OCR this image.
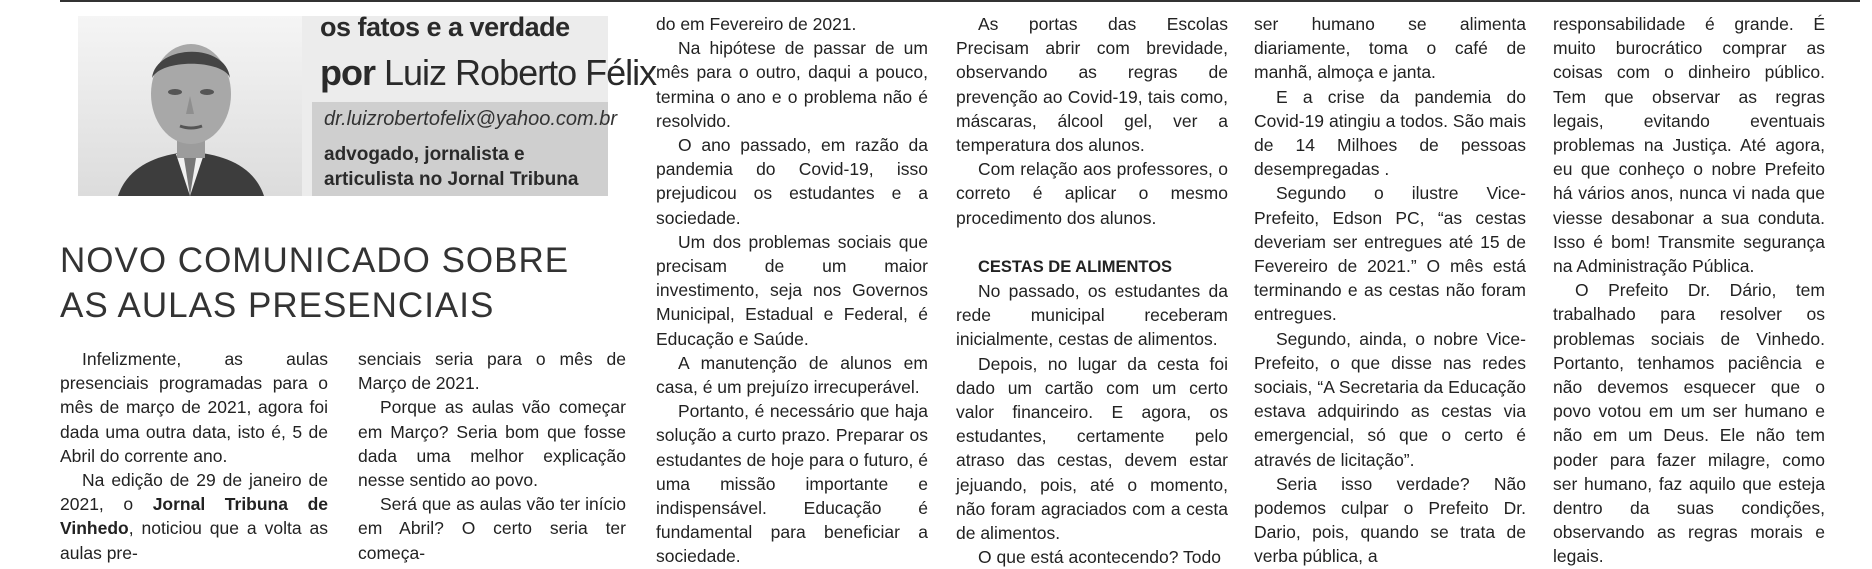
os fatos e a verdade
por Luiz Roberto Félix
dr.luizrobertofelix@yahoo.com.br
advogado, jornalista e
articulista no Jornal Tribuna
NOVO COMUNICADO SOBRE AS AULAS PRESENCIAIS

Infelizmente, as aulas presenciais programadas para o mês de março de 2021, agora foi dada uma outra data, isto é, 5 de Abril do corrente ano.

Na edição de 29 de janeiro de 2021, o Jornal Tribuna de Vinhedo, noticiou que a volta as aulas pre-

senciais seria para o mês de Março de 2021.

Porque as aulas vão começar em Março? Seria bom que fosse dada uma melhor explicação nesse sentido ao povo.

Será que as aulas vão ter início em Abril? O certo seria ter começa-

do em Fevereiro de 2021.

Na hipótese de passar de um mês para o outro, daqui a pouco, termina o ano e o problema não é resolvido.

O ano passado, em razão da pandemia do Covid-19, isso prejudicou os estudantes e a sociedade.

Um dos problemas sociais que precisam de um maior investimento, seja nos Governos Municipal, Estadual e Federal, é Educação e Saúde.

A manutenção de alunos em casa, é um prejuízo irrecuperável.

Portanto, é necessário que haja solução a curto prazo. Preparar os estudantes de hoje para o futuro, é uma missão importante e indispensável. Educação é fundamental para beneficiar a sociedade.

As portas das Escolas Precisam abrir com brevidade, observando as regras de prevenção ao Covid-19, tais como, máscaras, álcool gel, ver a temperatura dos alunos.

Com relação aos professores, o correto é aplicar o mesmo procedimento dos alunos.

CESTAS DE ALIMENTOS

No passado, os estudantes da rede municipal receberam inicialmente, cestas de alimentos.

Depois, no lugar da cesta foi dado um cartão com um certo valor financeiro. E agora, os estudantes, certamente pelo atraso das cestas, devem estar jejuando, pois, até o momento, não foram agraciados com a cesta de alimentos.

O que está acontecendo? Todo

ser humano se alimenta diariamente, toma o café de manhã, almoça e janta.

E a crise da pandemia do Covid-19 atingiu a todos. São mais de 14 Milhoes de pessoas desempregadas .

Segundo o ilustre Vice- Prefeito, Edson PC, “as cestas deveriam ser entregues até 15 de Fevereiro de 2021.” O mês está terminando e as cestas não foram entregues.

Segundo, ainda, o nobre Vice-Prefeito, o que disse nas redes sociais, “A Secretaria da Educação estava adquirindo as cestas via emergencial, só que o certo é através de licitação”.

Seria isso verdade? Não podemos culpar o Prefeito Dr. Dario, pois, quando se trata de verba pública, a

responsabilidade é grande. É muito burocrático comprar as coisas com o dinheiro público. Tem que observar as regras legais, evitando eventuais problemas na Justiça. Até agora, eu que conheço o nobre Prefeito há vários anos, nunca vi nada que viesse desabonar a sua conduta. Isso é bom! Transmite segurança na Administração Pública.

O Prefeito Dr. Dário, tem trabalhado para resolver os problemas sociais de Vinhedo. Portanto, tenhamos paciência e não devemos esquecer que o povo votou em um ser humano e não em um Deus. Ele não tem poder para fazer milagre, como ser humano, faz aquilo que esteja dentro da suas condições, observando as regras morais e legais.
